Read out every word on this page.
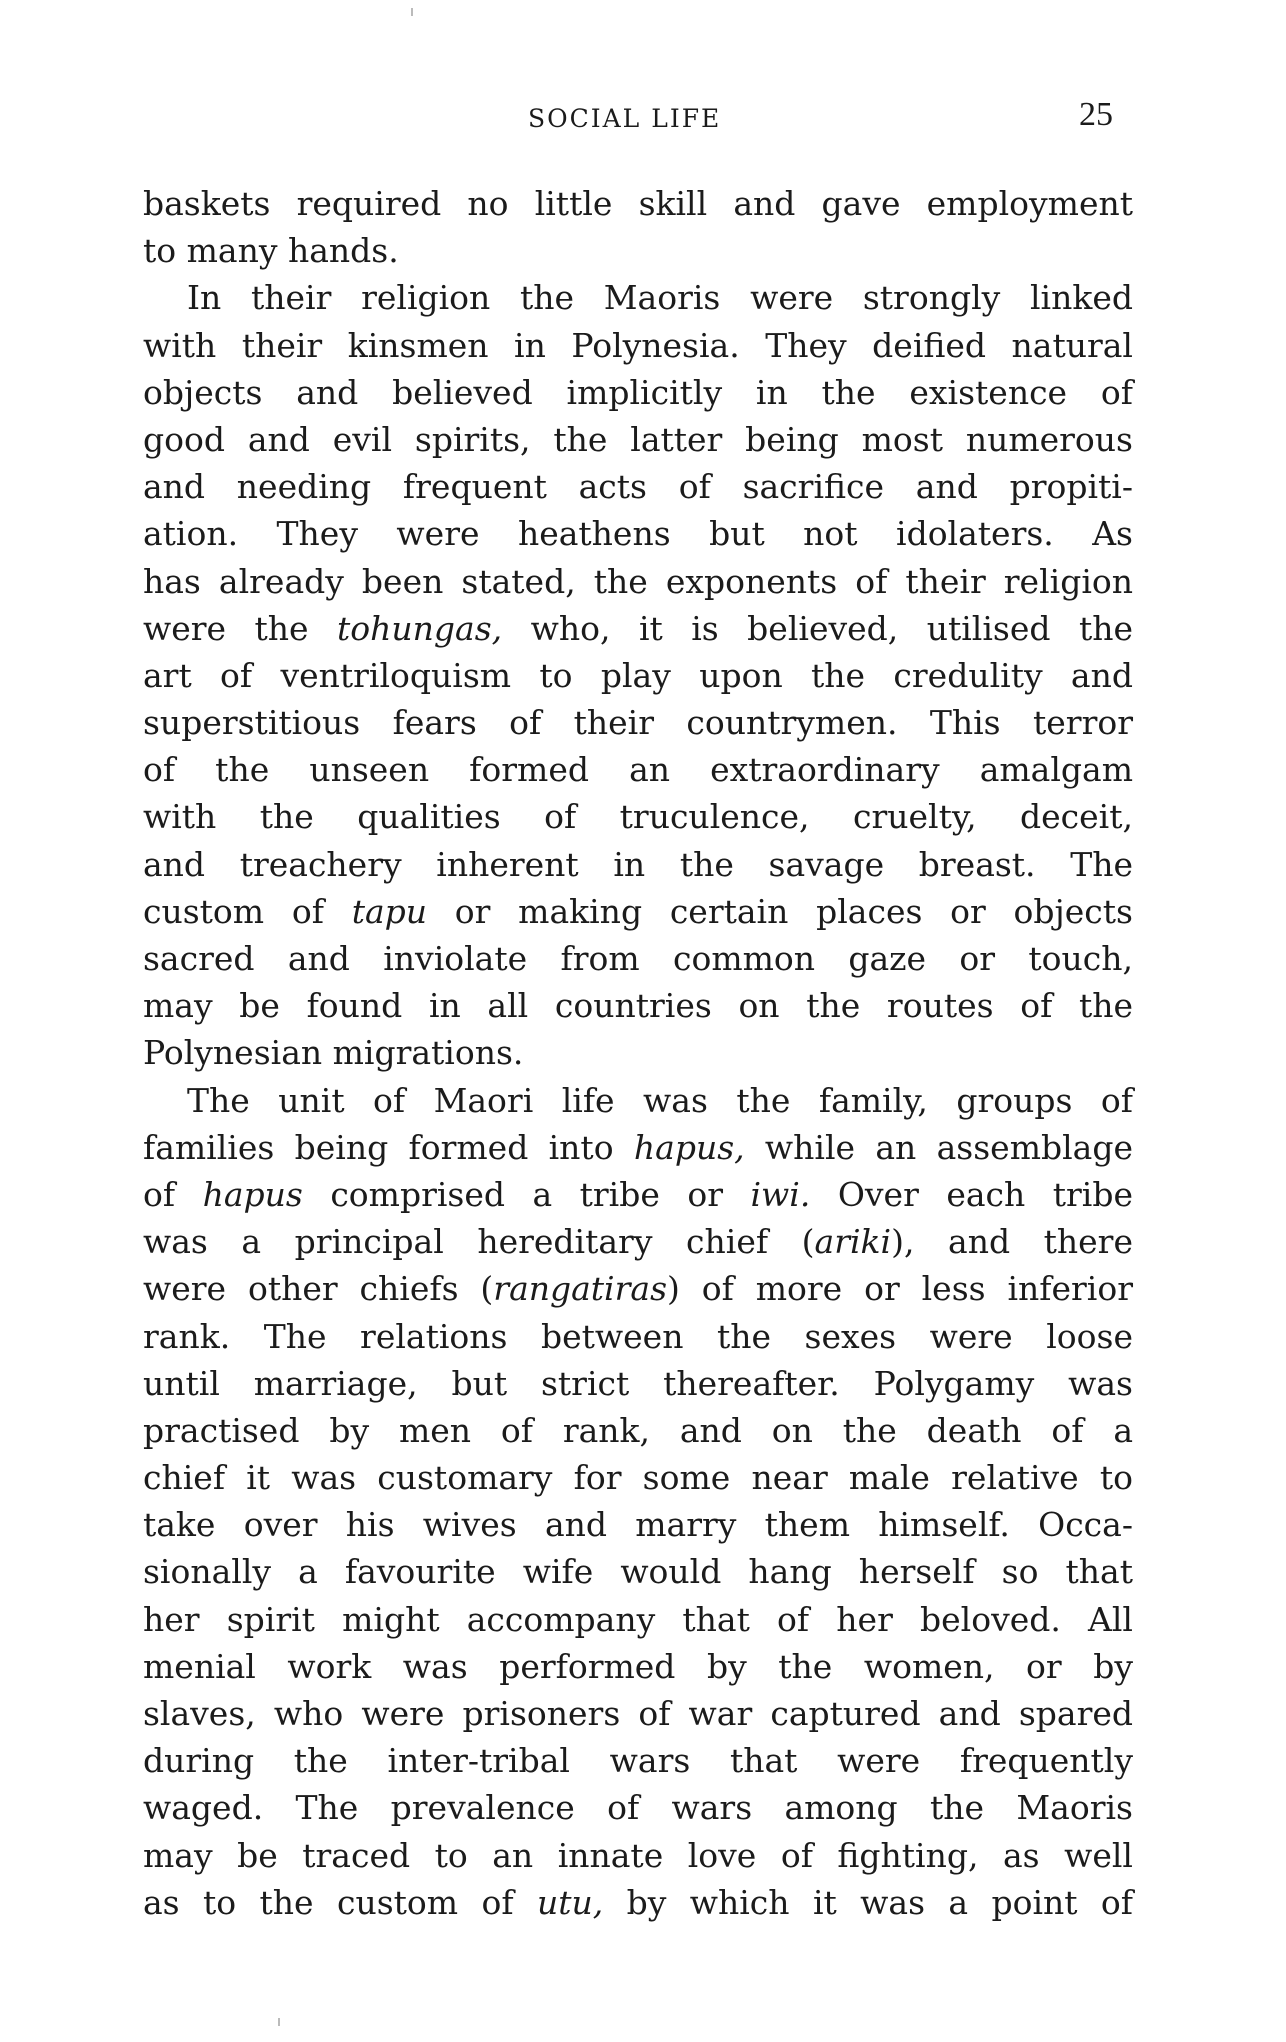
SOCIAL LIFE	25
baskets required no little skill and gave employment
to many hands.
In their religion the Maoris were strongly linked
with their kinsmen in Polynesia. They deified natural
objects and believed implicitly in the existence of
good and evil spirits, the latter being most numerous
and needing frequent acts of sacrifice and propiti-
ation. They were heathens but not idolaters. As
has already been stated, the exponents of their religion
were the tohungas, who, it is believed, utilised the
art of ventriloquism to play upon the credulity and
superstitious fears of their countrymen. This terror
of the unseen formed an extraordinary amalgam
with the qualities of truculence, cruelty, deceit,
and treachery inherent in the savage breast. The
custom of tapu or making certain places or objects
sacred and inviolate from common gaze or touch,
may be found in all countries on the routes of the
Polynesian migrations.
The unit of Maori life was the family, groups of
families being formed into hapus, while an assemblage
of hapus comprised a tribe or iwi. Over each tribe
was a principal hereditary chief (ariki), and there
were other chiefs (rangatiras) of more or less inferior
rank. The relations between the sexes were loose
until marriage, but strict thereafter. Polygamy was
practised by men of rank, and on the death of a
chief it was customary for some near male relative to
take over his wives and marry them himself. Occa-
sionally a favourite wife would hang herself so that
her spirit might accompany that of her beloved. All
menial work was performed by the women, or by
slaves, who were prisoners of war captured and spared
during the inter-tribal wars that were frequently
waged. The prevalence of wars among the Maoris
may be traced to an innate love of fighting, as well
as to the custom of utu, by which it was a point of
